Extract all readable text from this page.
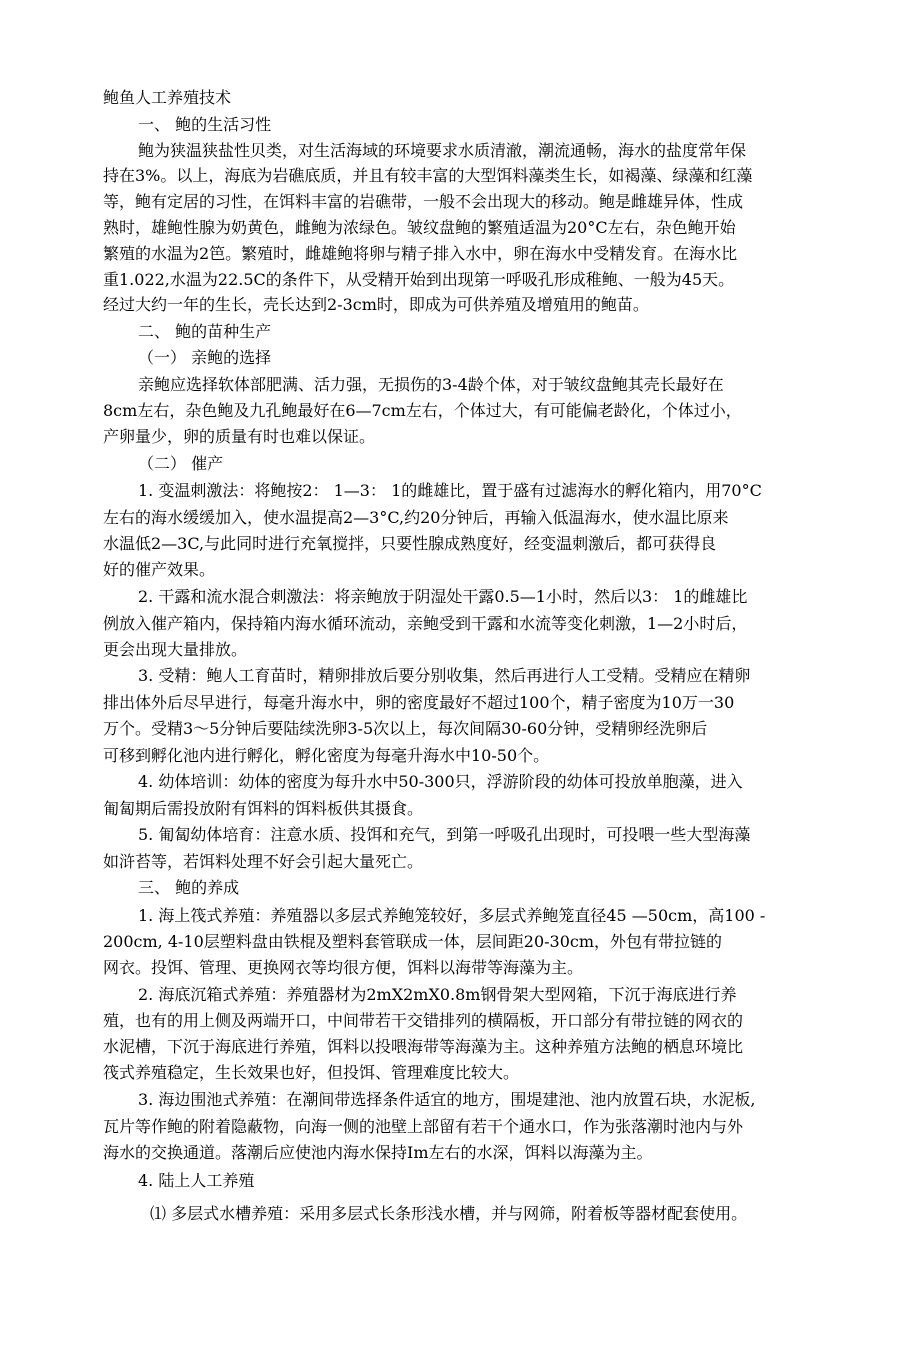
鲍鱼人工养殖技术
一、 鲍的生活习性
鲍为狭温狭盐性贝类，对生活海域的环境要求水质清澈，潮流通畅，海水的盐度常年保
持在3%。以上，海底为岩礁底质，并且有较丰富的大型饵料藻类生长，如褐藻、绿藻和红藻
等，鲍有定居的习性，在饵料丰富的岩礁带，一般不会出现大的移动。鲍是雌雄异体，性成
熟时，雄鲍性腺为奶黄色，雌鲍为浓绿色。皱纹盘鲍的繁殖适温为20°C左右，杂色鲍开始
繁殖的水温为2笆。繁殖时，雌雄鲍将卵与精子排入水中，卵在海水中受精发育。在海水比
重1.022,水温为22.5C的条件下，从受精开始到出现第一呼吸孔形成稚鲍、一般为45天。
经过大约一年的生长，壳长达到2-3cm时，即成为可供养殖及增殖用的鲍苗。
二、 鲍的苗种生产
（一） 亲鲍的选择
亲鲍应选择软体部肥满、活力强，无损伤的3-4龄个体，对于皱纹盘鲍其壳长最好在
8cm左右，杂色鲍及九孔鲍最好在6—7cm左右，个体过大，有可能偏老龄化，个体过小，
产卵量少，卵的质量有时也难以保证。
（二） 催产
1. 变温刺激法：将鲍按2： 1—3： 1的雌雄比，置于盛有过滤海水的孵化箱内，用70°C
左右的海水缓缓加入，使水温提高2—3°C,约20分钟后，再输入低温海水，使水温比原来
水温低2—3C,与此同时进行充氧搅拌，只要性腺成熟度好，经变温刺激后，都可获得良
好的催产效果。
2. 干露和流水混合刺激法：将亲鲍放于阴湿处干露0.5—1小时，然后以3： 1的雌雄比
例放入催产箱内，保持箱内海水循环流动，亲鲍受到干露和水流等变化刺激，1—2小时后，
更会出现大量排放。
3. 受精：鲍人工育苗时，精卵排放后要分别收集，然后再进行人工受精。受精应在精卵
排出体外后尽早进行，每毫升海水中，卵的密度最好不超过100个，精子密度为10万一30
万个。受精3〜5分钟后要陆续洗卵3-5次以上，每次间隔30-60分钟，受精卵经洗卵后
可移到孵化池内进行孵化，孵化密度为每毫升海水中10-50个。
4. 幼体培训：幼体的密度为每升水中50-300只，浮游阶段的幼体可投放单胞藻，进入
匍匐期后需投放附有饵料的饵料板供其摄食。
5. 匍匐幼体培育：注意水质、投饵和充气，到第一呼吸孔出现时，可投喂一些大型海藻
如浒苔等，若饵料处理不好会引起大量死亡。
三、 鲍的养成
1. 海上筏式养殖：养殖器以多层式养鲍笼较好，多层式养鲍笼直径45 —50cm，高100 -
200cm, 4-10层塑料盘由铁棍及塑料套管联成一体，层间距20-30cm，外包有带拉链的
网衣。投饵、管理、更换网衣等均很方便，饵料以海带等海藻为主。
2. 海底沉箱式养殖：养殖器材为2mX2mX0.8m钢骨架大型网箱，下沉于海底进行养
殖，也有的用上侧及两端开口，中间带若干交错排列的横隔板，开口部分有带拉链的网衣的
水泥槽，下沉于海底进行养殖，饵料以投喂海带等海藻为主。这种养殖方法鲍的栖息环境比
筏式养殖稳定，生长效果也好，但投饵、管理难度比较大。
3. 海边围池式养殖：在潮间带选择条件适宜的地方，围堤建池、池内放置石块，水泥板,
瓦片等作鲍的附着隐蔽物，向海一侧的池壁上部留有若干个通水口，作为张落潮时池内与外
海水的交换通道。落潮后应使池内海水保持Im左右的水深，饵料以海藻为主。
4. 陆上人工养殖
⑴ 多层式水槽养殖：采用多层式长条形浅水槽，并与网筛，附着板等器材配套使用。
